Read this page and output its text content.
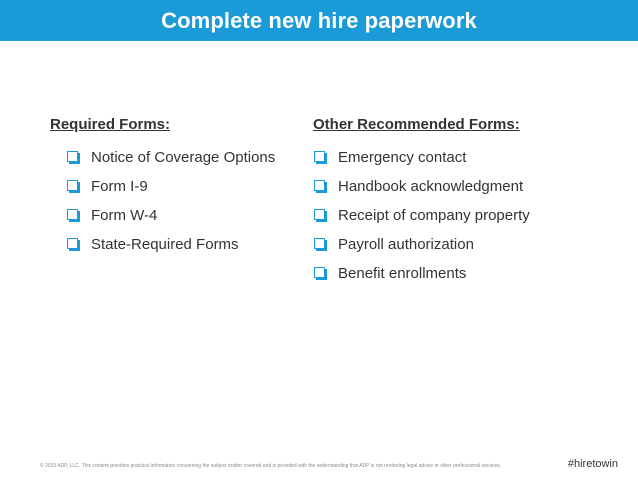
Complete new hire paperwork
Required Forms:
Notice of Coverage Options
Form I-9
Form W-4
State-Required Forms
Other Recommended Forms:
Emergency contact
Handbook acknowledgment
Receipt of company property
Payroll authorization
Benefit enrollments
© 2015 ADP, LLC. This content provides practical information concerning the subject matter covered and is provided with the understanding that ADP is not rendering legal advice or other professional services.	#hiretowin
